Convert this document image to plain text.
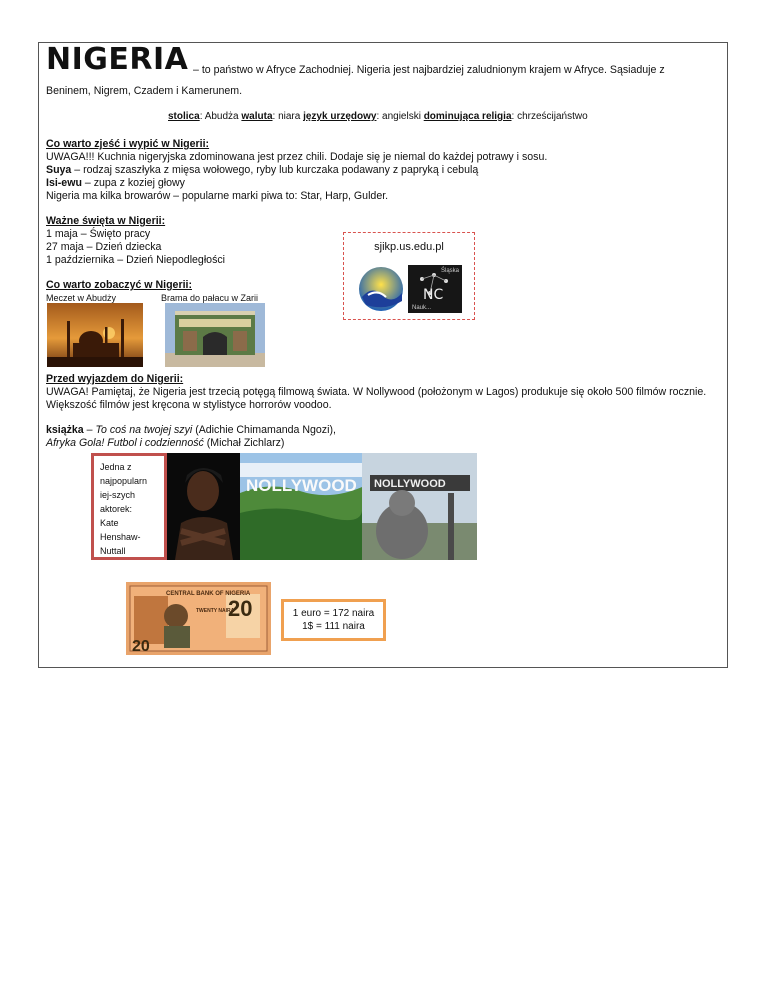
NIGERIA – to państwo w Afryce Zachodniej. Nigeria jest najbardziej zaludnionym krajem w Afryce. Sąsiaduje z
Beninem, Nigrem, Czadem i Kamerunem.
stolica: Abudża waluta: niara język urzędowy: angielski dominująca religia: chrześcijaństwo
Co warto zjeść i wypić w Nigerii:
UWAGA!!! Kuchnia nigeryjska zdominowana jest przez chili. Dodaje się je niemal do każdej potrawy i sosu.
Suya – rodzaj szaszłyka z mięsa wołowego, ryby lub kurczaka podawany z papryką i cebulą
Isi-ewu – zupa z koziej głowy
Nigeria ma kilka browarów – popularne marki piwa to: Star, Harp, Gulder.
Ważne święta w Nigerii:
1 maja – Święto pracy
27 maja – Dzień dziecka
1 października – Dzień Niepodległości
sjikp.us.edu.pl
NC
Śląska
Nauk...
Co warto zobaczyć w Nigerii:
Meczet w Abudży	Brama do pałacu w Zarii
Przed wyjazdem do Nigerii:
UWAGA! Pamiętaj, że Nigeria jest trzecią potęgą filmową świata. W Nollywood (położonym w Lagos) produkuje się około 500 filmów rocznie.
Większość filmów jest kręcona w stylistyce horrorów voodoo.
książka – To coś na twojej szyi (Adichie Chimamanda Ngozi),
Afryka Gola! Futbol i codzienność (Michał Zichlarz)
Jedna z
najpopularn
iej-szych
aktorek:
Kate
Henshaw-
Nuttall
NOLLYWOOD NOLLYWOOD
CENTRAL BANK OF NIGERIA
20
TWENTY NAIRA
20
1 euro = 172 naira
1$ = 111 naira
